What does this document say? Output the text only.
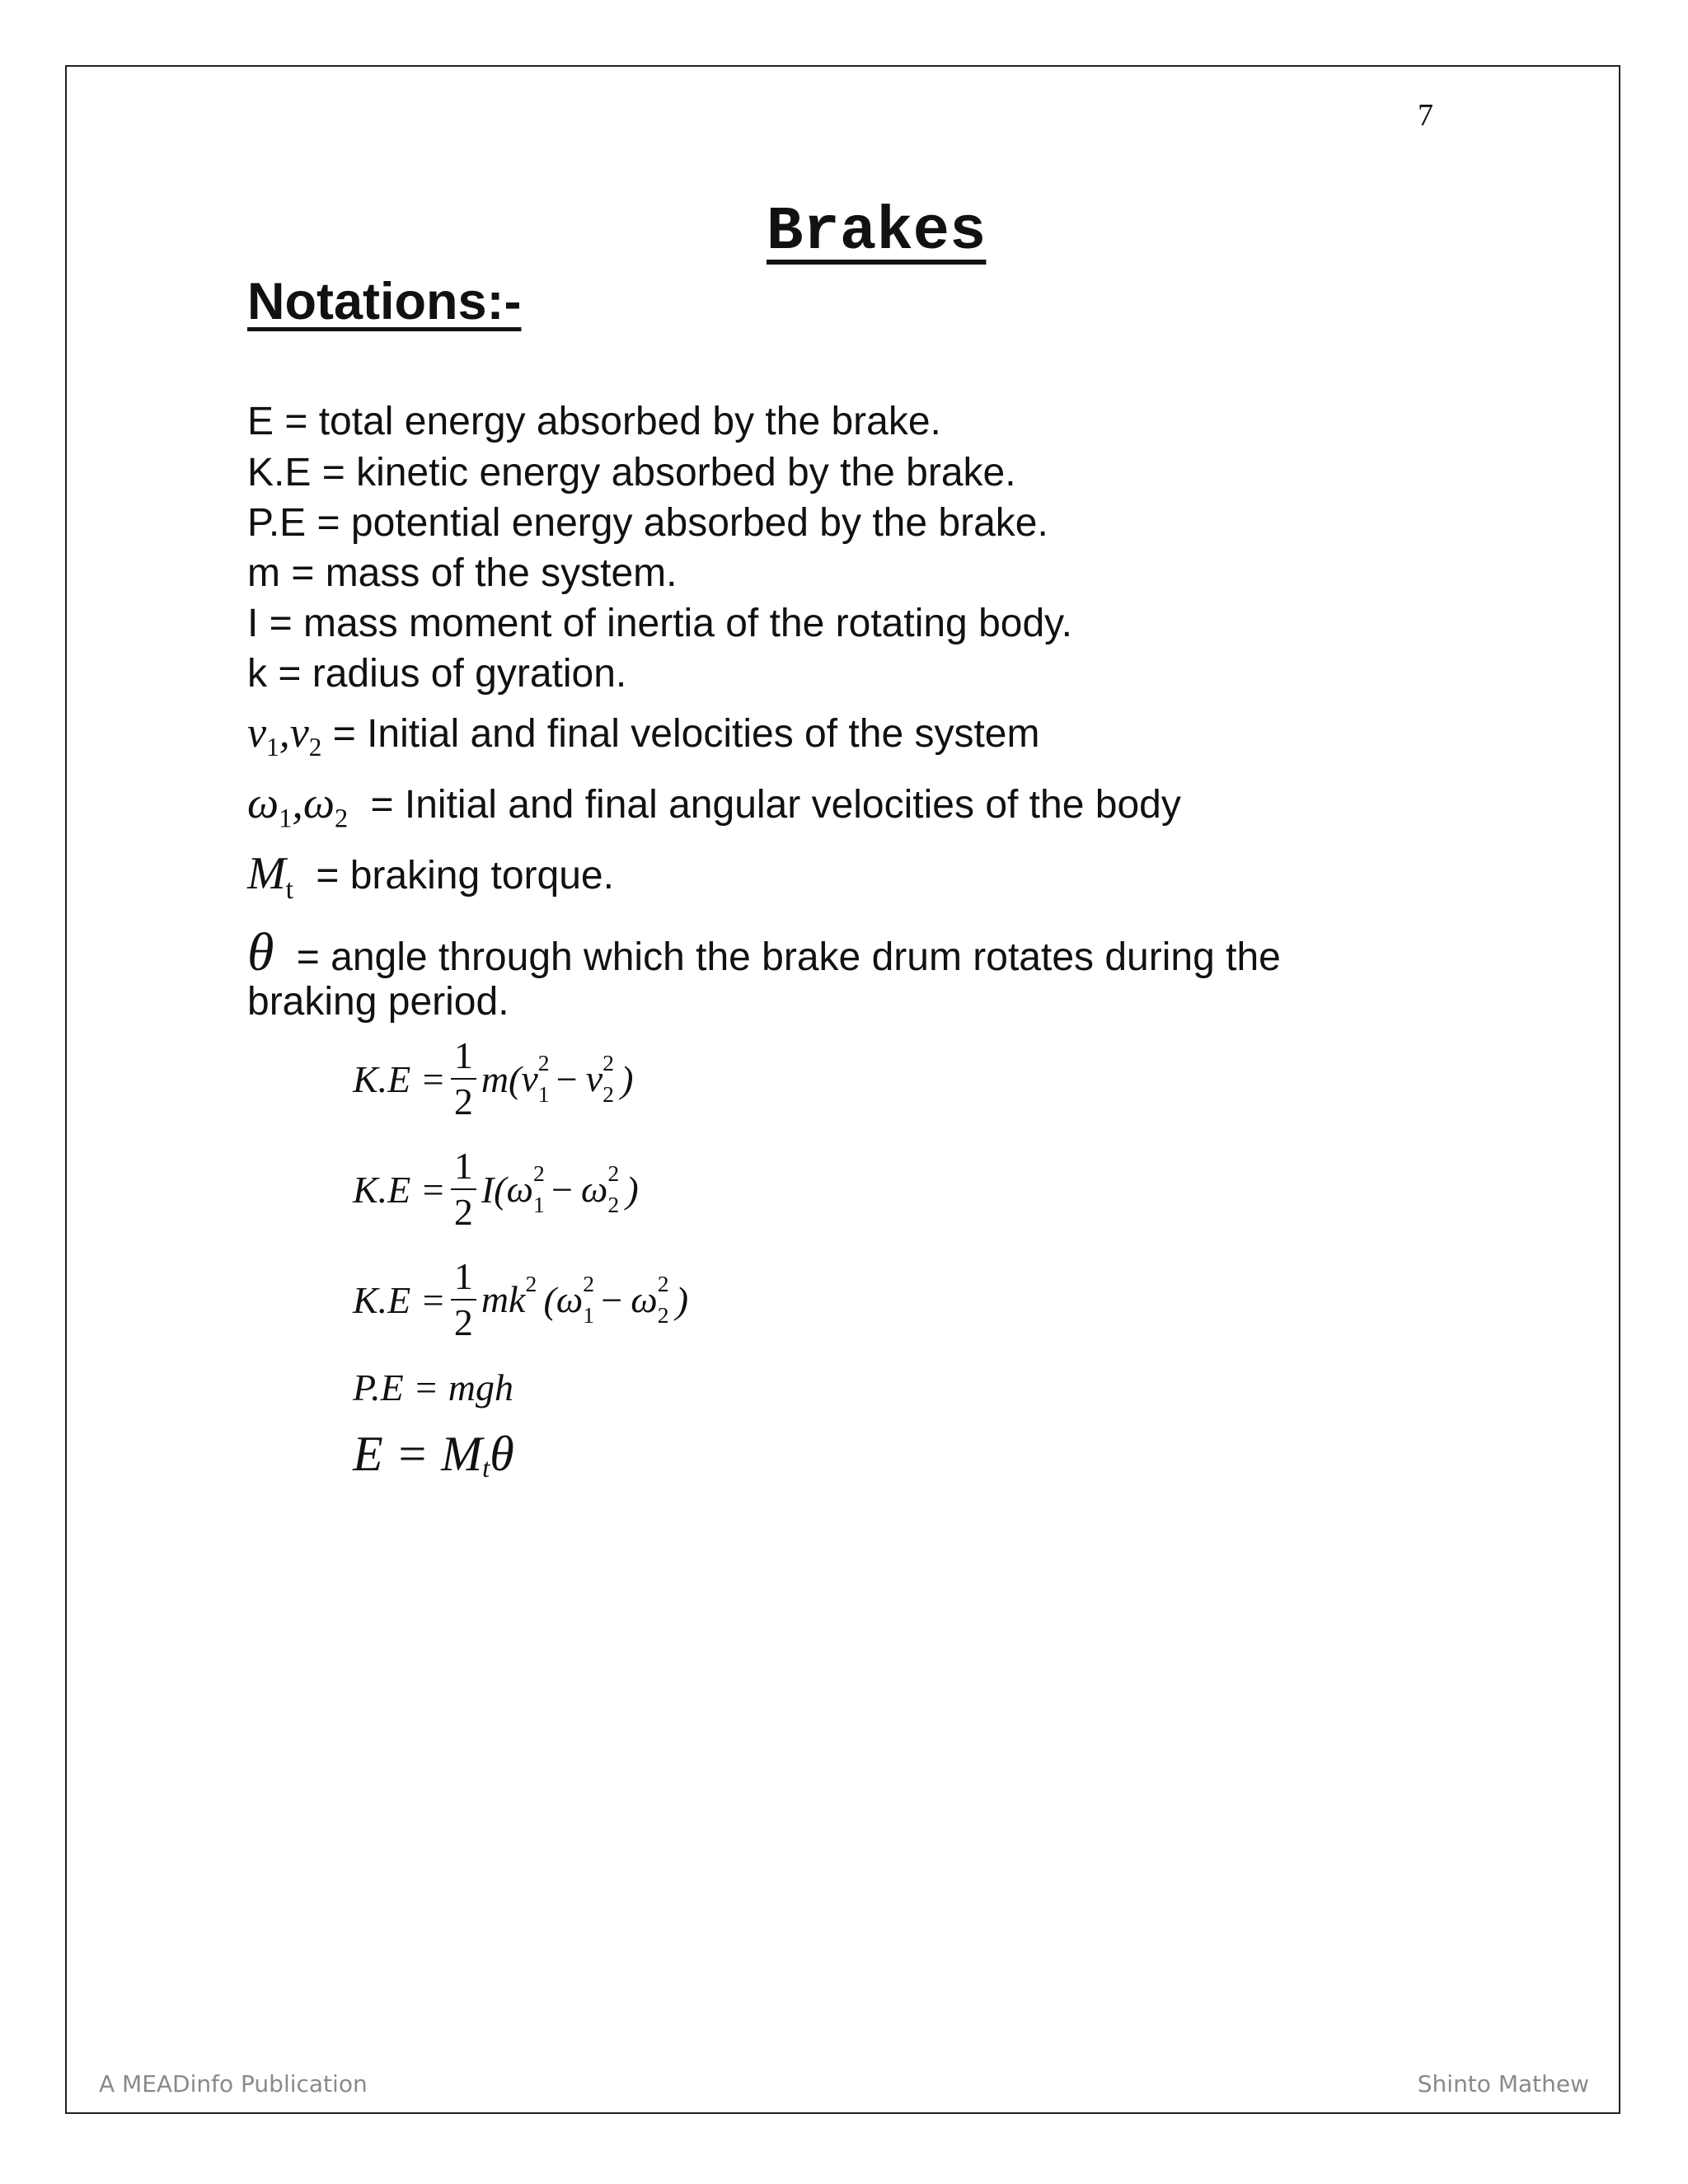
7
Brakes
Notations:-
E = total energy absorbed by the brake.
K.E = kinetic energy absorbed by the brake.
P.E = potential energy absorbed by the brake.
m = mass of the system.
I = mass moment of inertia of the rotating body.
k = radius of gyration.
$v_1,v_2$ = Initial and final velocities of the system
$\omega_1,\omega_2$ = Initial and final angular velocities of the body
$M_t$ = braking torque.
θ = angle through which the brake drum rotates during the
braking period.
$K.E = \frac{1}{2} m$( v 2
1 − v 2
2 )
$K.E = \frac{1}{2} I$( ω 2
1 − ω 2
2 )
$K.E = \frac{1}{2}$ mk 2 ( ω 2
1 − ω 2
2 )
P.E = mgh
E = M t θ
A MEADinfo Publication	Shinto Mathew
